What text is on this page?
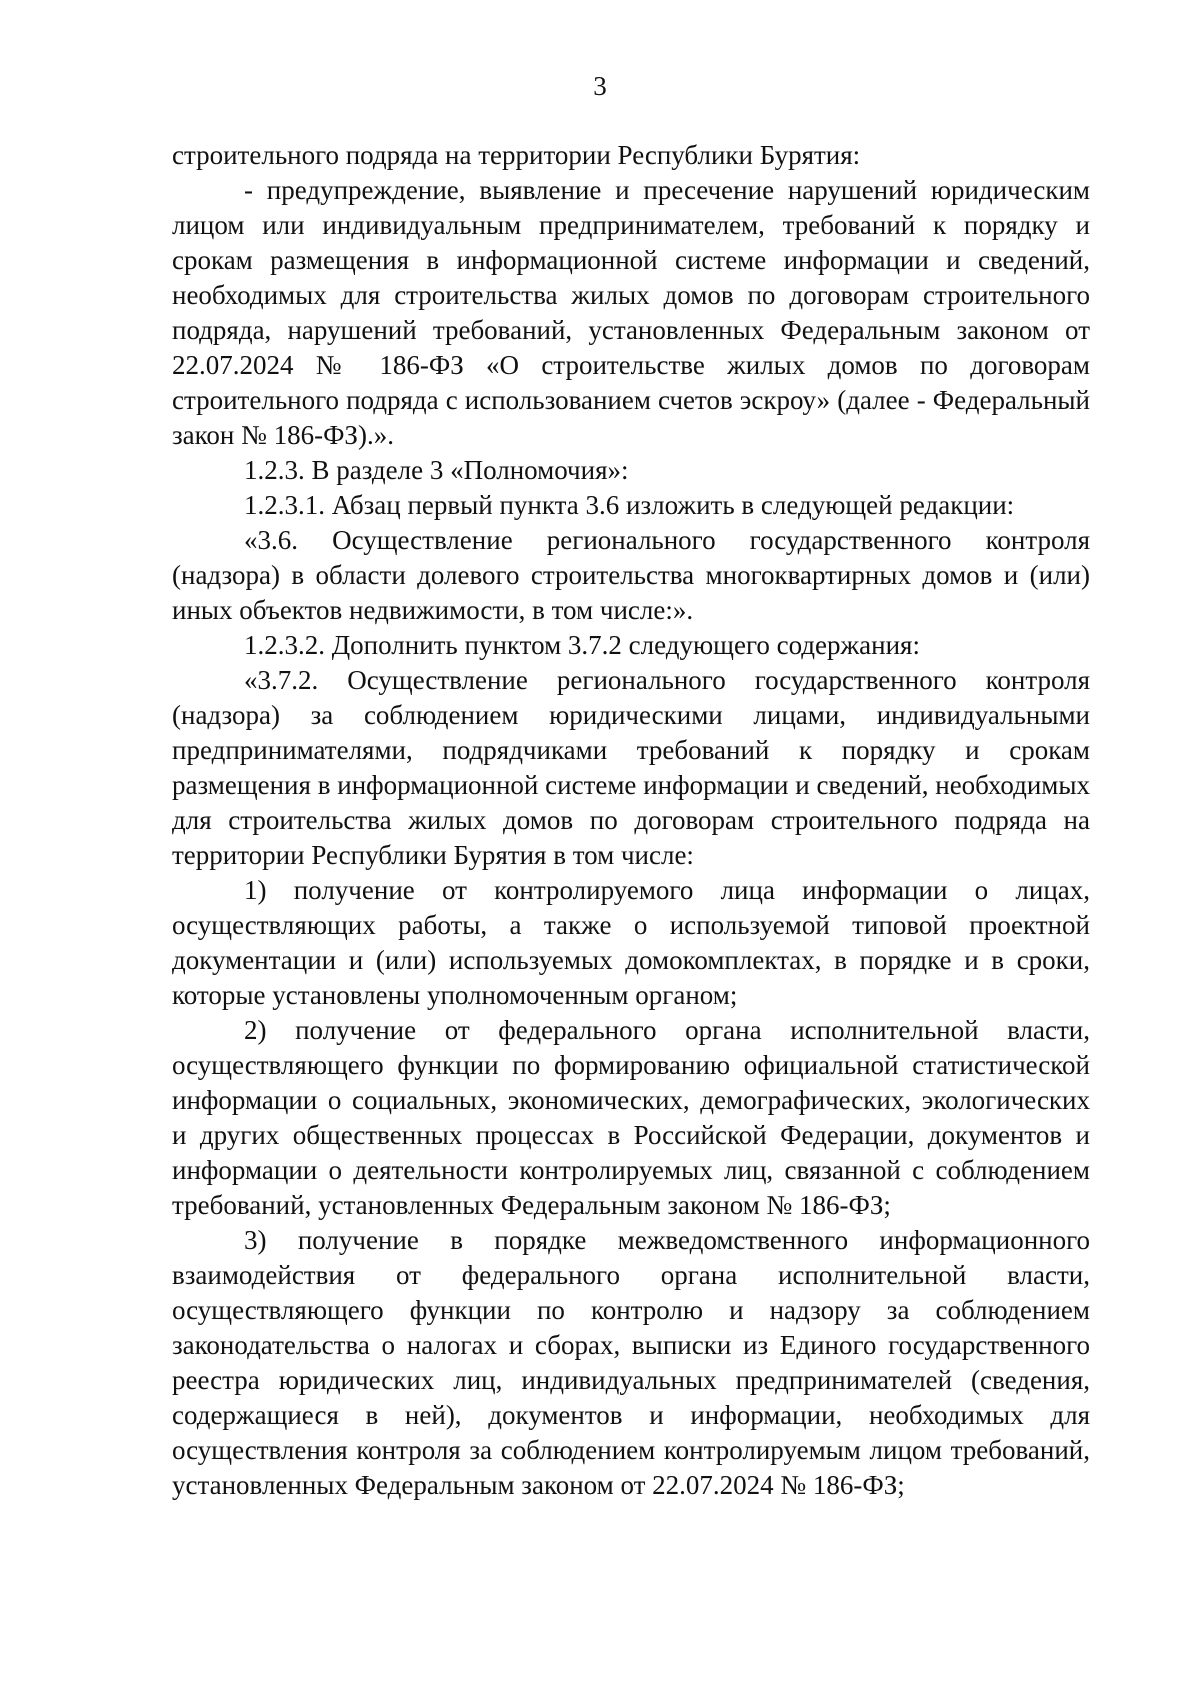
3

строительного подряда на территории Республики Бурятия:

- предупреждение, выявление и пресечение нарушений юридическим лицом или индивидуальным предпринимателем, требований к порядку и срокам размещения в информационной системе информации и сведений, необходимых для строительства жилых домов по договорам строительного подряда, нарушений требований, установленных Федеральным законом от 22.07.2024 № 186-ФЗ «О строительстве жилых домов по договорам строительного подряда с использованием счетов эскроу» (далее - Федеральный закон № 186-ФЗ).».

1.2.3. В разделе 3 «Полномочия»:

1.2.3.1. Абзац первый пункта 3.6 изложить в следующей редакции:

«3.6. Осуществление регионального государственного контроля (надзора) в области долевого строительства многоквартирных домов и (или) иных объектов недвижимости, в том числе:».

1.2.3.2. Дополнить пунктом 3.7.2 следующего содержания:

«3.7.2. Осуществление регионального государственного контроля (надзора) за соблюдением юридическими лицами, индивидуальными предпринимателями, подрядчиками требований к порядку и срокам размещения в информационной системе информации и сведений, необходимых для строительства жилых домов по договорам строительного подряда на территории Республики Бурятия в том числе:

1) получение от контролируемого лица информации о лицах, осуществляющих работы, а также о используемой типовой проектной документации и (или) используемых домокомплектах, в порядке и в сроки, которые установлены уполномоченным органом;

2) получение от федерального органа исполнительной власти, осуществляющего функции по формированию официальной статистической информации о социальных, экономических, демографических, экологических и других общественных процессах в Российской Федерации, документов и информации о деятельности контролируемых лиц, связанной с соблюдением требований, установленных Федеральным законом № 186-ФЗ;

3) получение в порядке межведомственного информационного взаимодействия от федерального органа исполнительной власти, осуществляющего функции по контролю и надзору за соблюдением законодательства о налогах и сборах, выписки из Единого государственного реестра юридических лиц, индивидуальных предпринимателей (сведения, содержащиеся в ней), документов и информации, необходимых для осуществления контроля за соблюдением контролируемым лицом требований, установленных Федеральным законом от 22.07.2024 № 186-ФЗ;
